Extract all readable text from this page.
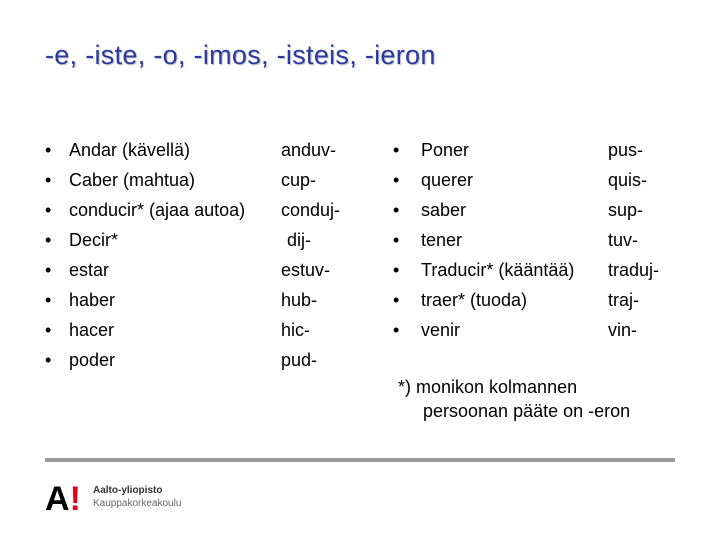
-e, -iste, -o, -imos, -isteis, -ieron
• Andar (kävellä)	anduv-
• Caber (mahtua)	cup-
• conducir* (ajaa autoa) conduj-
• Decir*	dij-
• estar	estuv-
• haber	hub-
• hacer	hic-
• poder	pud-
• Poner	pus-
• querer	quis-
• saber	sup-
• tener	tuv-
• Traducir* (kääntää) traduj-
• traer* (tuoda)	traj-
• venir	vin-
*) monikon kolmannen
persoonan pääte on -eron
A! Aalto-yliopisto
Kauppakorkeakoulu
